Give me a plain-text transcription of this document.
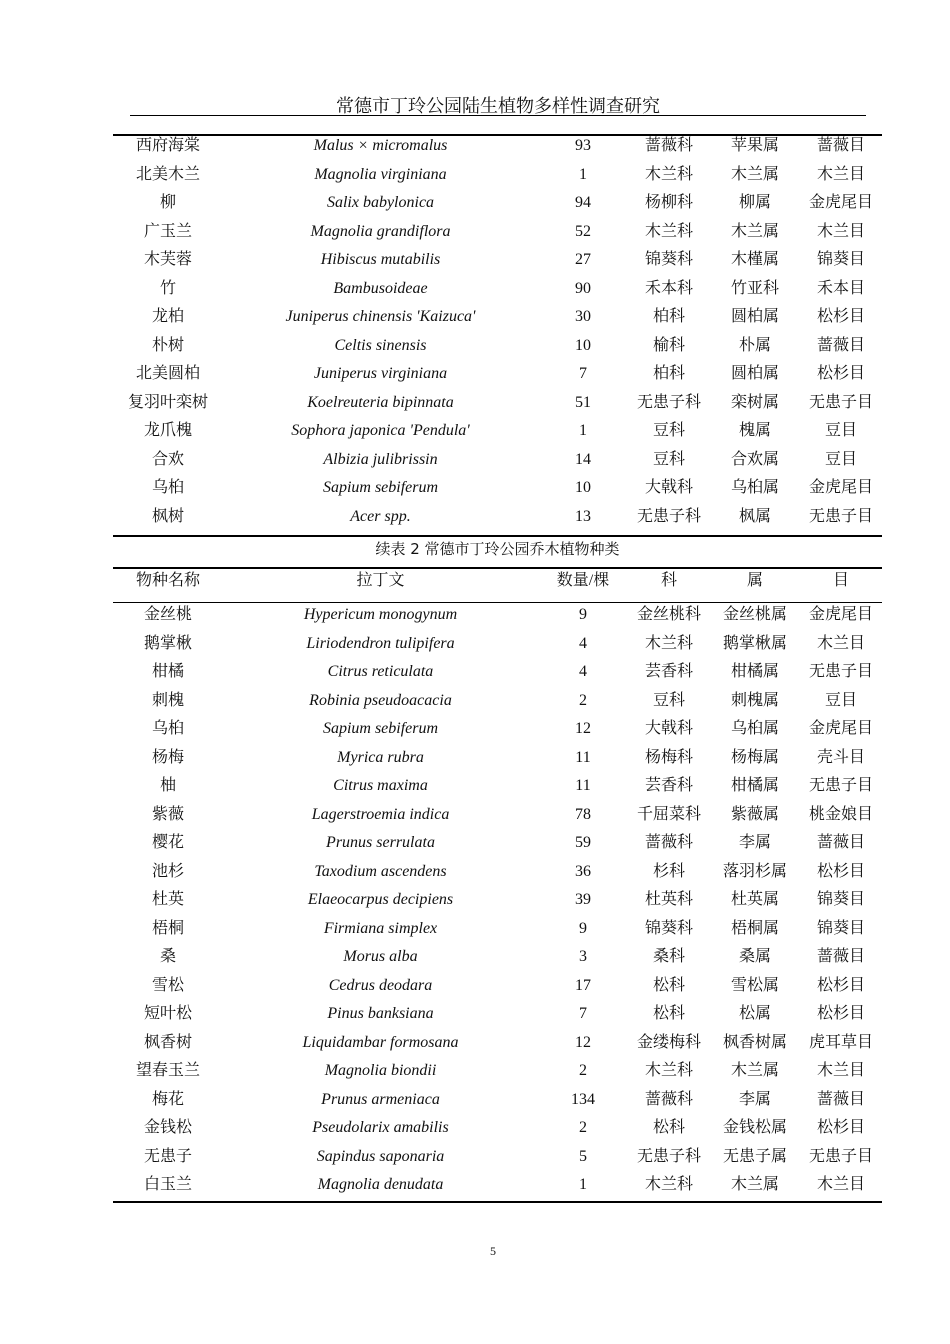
常德市丁玲公园陆生植物多样性调查研究
西府海棠	Malus × micromalus	93	蔷薇科	苹果属	蔷薇目
北美木兰	Magnolia virginiana	1	木兰科	木兰属	木兰目
柳	Salix babylonica	94	杨柳科	柳属	金虎尾目
广玉兰	Magnolia grandiflora	52	木兰科	木兰属	木兰目
木芙蓉	Hibiscus mutabilis	27	锦葵科	木槿属	锦葵目
竹	Bambusoideae	90	禾本科	竹亚科	禾本目
龙柏	Juniperus chinensis 'Kaizuca'	30	柏科	圆柏属	松杉目
朴树	Celtis sinensis	10	榆科	朴属	蔷薇目
北美圆柏	Juniperus virginiana	7	柏科	圆柏属	松杉目
复羽叶栾树	Koelreuteria bipinnata	51	无患子科	栾树属	无患子目
龙爪槐	Sophora japonica 'Pendula'	1	豆科	槐属	豆目
合欢	Albizia julibrissin	14	豆科	合欢属	豆目
乌桕	Sapium sebiferum	10	大戟科	乌桕属	金虎尾目
枫树	Acer spp.	13	无患子科	枫属	无患子目
续表 2 常德市丁玲公园乔木植物种类
物种名称	拉丁文	数量/棵	科	属	目
金丝桃	Hypericum monogynum	9	金丝桃科	金丝桃属	金虎尾目
鹅掌楸	Liriodendron tulipifera	4	木兰科	鹅掌楸属	木兰目
柑橘	Citrus reticulata	4	芸香科	柑橘属	无患子目
刺槐	Robinia pseudoacacia	2	豆科	刺槐属	豆目
乌桕	Sapium sebiferum	12	大戟科	乌桕属	金虎尾目
杨梅	Myrica rubra	11	杨梅科	杨梅属	壳斗目
柚	Citrus maxima	11	芸香科	柑橘属	无患子目
紫薇	Lagerstroemia indica	78	千屈菜科	紫薇属	桃金娘目
樱花	Prunus serrulata	59	蔷薇科	李属	蔷薇目
池杉	Taxodium ascendens	36	杉科	落羽杉属	松杉目
杜英	Elaeocarpus decipiens	39	杜英科	杜英属	锦葵目
梧桐	Firmiana simplex	9	锦葵科	梧桐属	锦葵目
桑	Morus alba	3	桑科	桑属	蔷薇目
雪松	Cedrus deodara	17	松科	雪松属	松杉目
短叶松	Pinus banksiana	7	松科	松属	松杉目
枫香树	Liquidambar formosana	12	金缕梅科	枫香树属	虎耳草目
望春玉兰	Magnolia biondii	2	木兰科	木兰属	木兰目
梅花	Prunus armeniaca	134	蔷薇科	李属	蔷薇目
金钱松	Pseudolarix amabilis	2	松科	金钱松属	松杉目
无患子	Sapindus saponaria	5	无患子科	无患子属	无患子目
白玉兰	Magnolia denudata	1	木兰科	木兰属	木兰目
5
